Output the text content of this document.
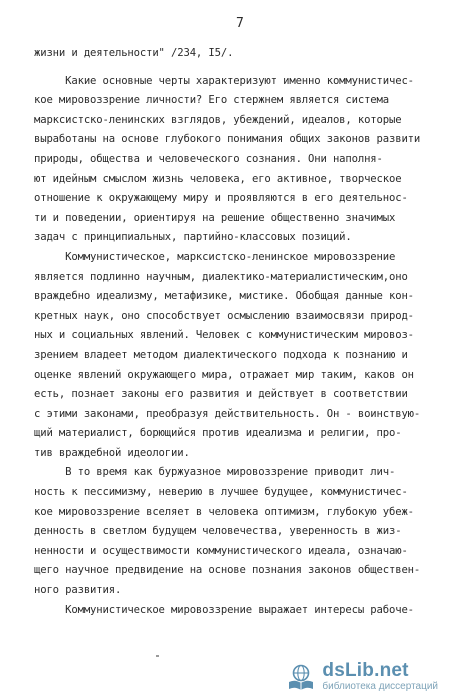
7
жизни и деятельности" /234, I5/.
Какие основные черты характеризуют именно коммунистичес-
кое мировоззрение личности? Его стержнем является система
марксистско-ленинских взглядов, убеждений, идеалов, которые
выработаны на основе глубокого понимания общих законов развити
природы, общества и человеческого сознания. Они наполня-
ют идейным смыслом жизнь человека, его активное, творческое
отношение к окружающему миру и проявляются в его деятельнос-
ти и поведении, ориентируя на решение общественно значимых
задач с принципиальных, партийно-классовых позиций.
Коммунистическое, марксистско-ленинское мировоззрение
является подлинно научным, диалектико-материалистическим,оно
враждебно идеализму, метафизике, мистике. Обобщая данные кон-
кретных наук, оно способствует осмыслению взаимосвязи природ-
ных и социальных явлений. Человек с коммунистическим мировоз-
зрением владеет методом диалектического подхода к познанию и
оценке явлений окружающего мира, отражает мир таким, каков он
есть, познает законы его развития и действует в соответствии
с этими законами, преобразуя действительность. Он - воинствую-
щий материалист, борющийся против идеализма и религии, про-
тив враждебной идеологии.
В то время как буржуазное мировоззрение приводит лич-
ность к пессимизму, неверию в лучшее будущее, коммунистичес-
кое мировоззрение вселяет в человека оптимизм, глубокую убеж-
денность в светлом будущем человечества, уверенность в жиз-
ненности и осуществимости коммунистического идеала, означаю-
щего научное предвидение на основе познания законов обществен-
ного развития.
Коммунистическое мировоззрение выражает интересы рабоче-
dsLib.net
библиотека диссертаций
